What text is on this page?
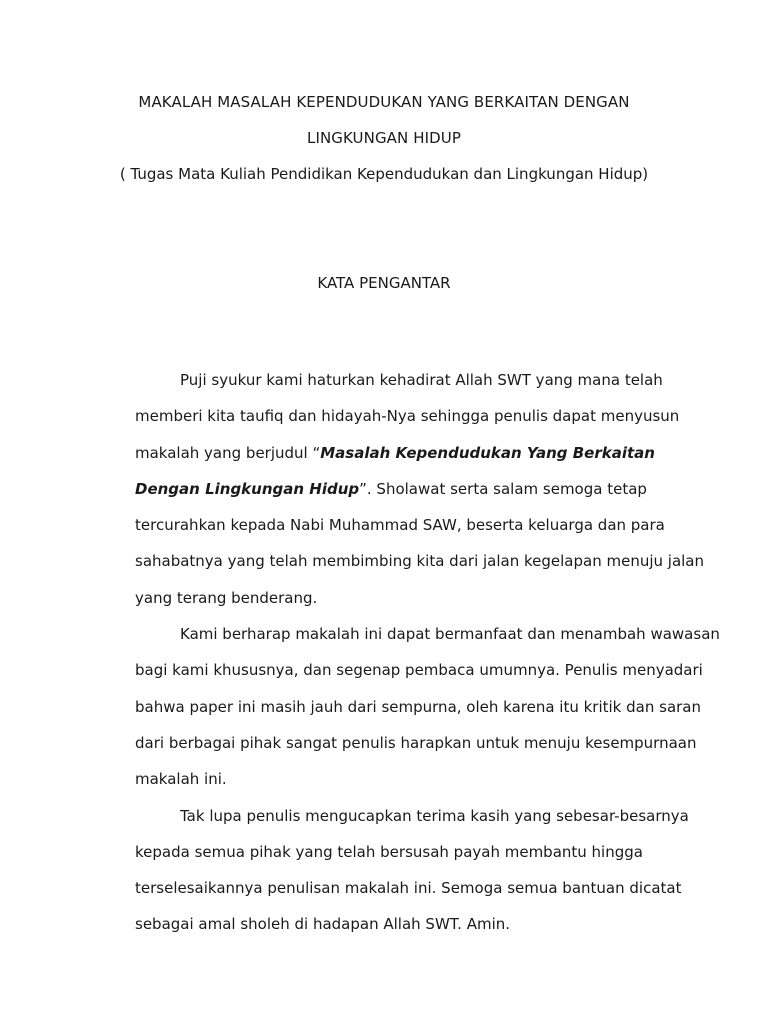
MAKALAH MASALAH KEPENDUDUKAN YANG BERKAITAN DENGAN
LINGKUNGAN HIDUP
( Tugas Mata Kuliah Pendidikan Kependudukan dan Lingkungan Hidup)
KATA PENGANTAR
Puji syukur kami haturkan kehadirat Allah SWT yang mana telah
memberi kita taufiq dan hidayah-Nya sehingga penulis dapat menyusun
makalah yang berjudul “Masalah Kependudukan Yang Berkaitan
Dengan Lingkungan Hidup”. Sholawat serta salam semoga tetap
tercurahkan kepada Nabi Muhammad SAW, beserta keluarga dan para
sahabatnya yang telah membimbing kita dari jalan kegelapan menuju jalan
yang terang benderang.
Kami berharap makalah ini dapat bermanfaat dan menambah wawasan
bagi kami khususnya, dan segenap pembaca umumnya. Penulis menyadari
bahwa paper ini masih jauh dari sempurna, oleh karena itu kritik dan saran
dari berbagai pihak sangat penulis harapkan untuk menuju kesempurnaan
makalah ini.
Tak lupa penulis mengucapkan terima kasih yang sebesar-besarnya
kepada semua pihak yang telah bersusah payah membantu hingga
terselesaikannya penulisan makalah ini. Semoga semua bantuan dicatat
sebagai amal sholeh di hadapan Allah SWT. Amin.
